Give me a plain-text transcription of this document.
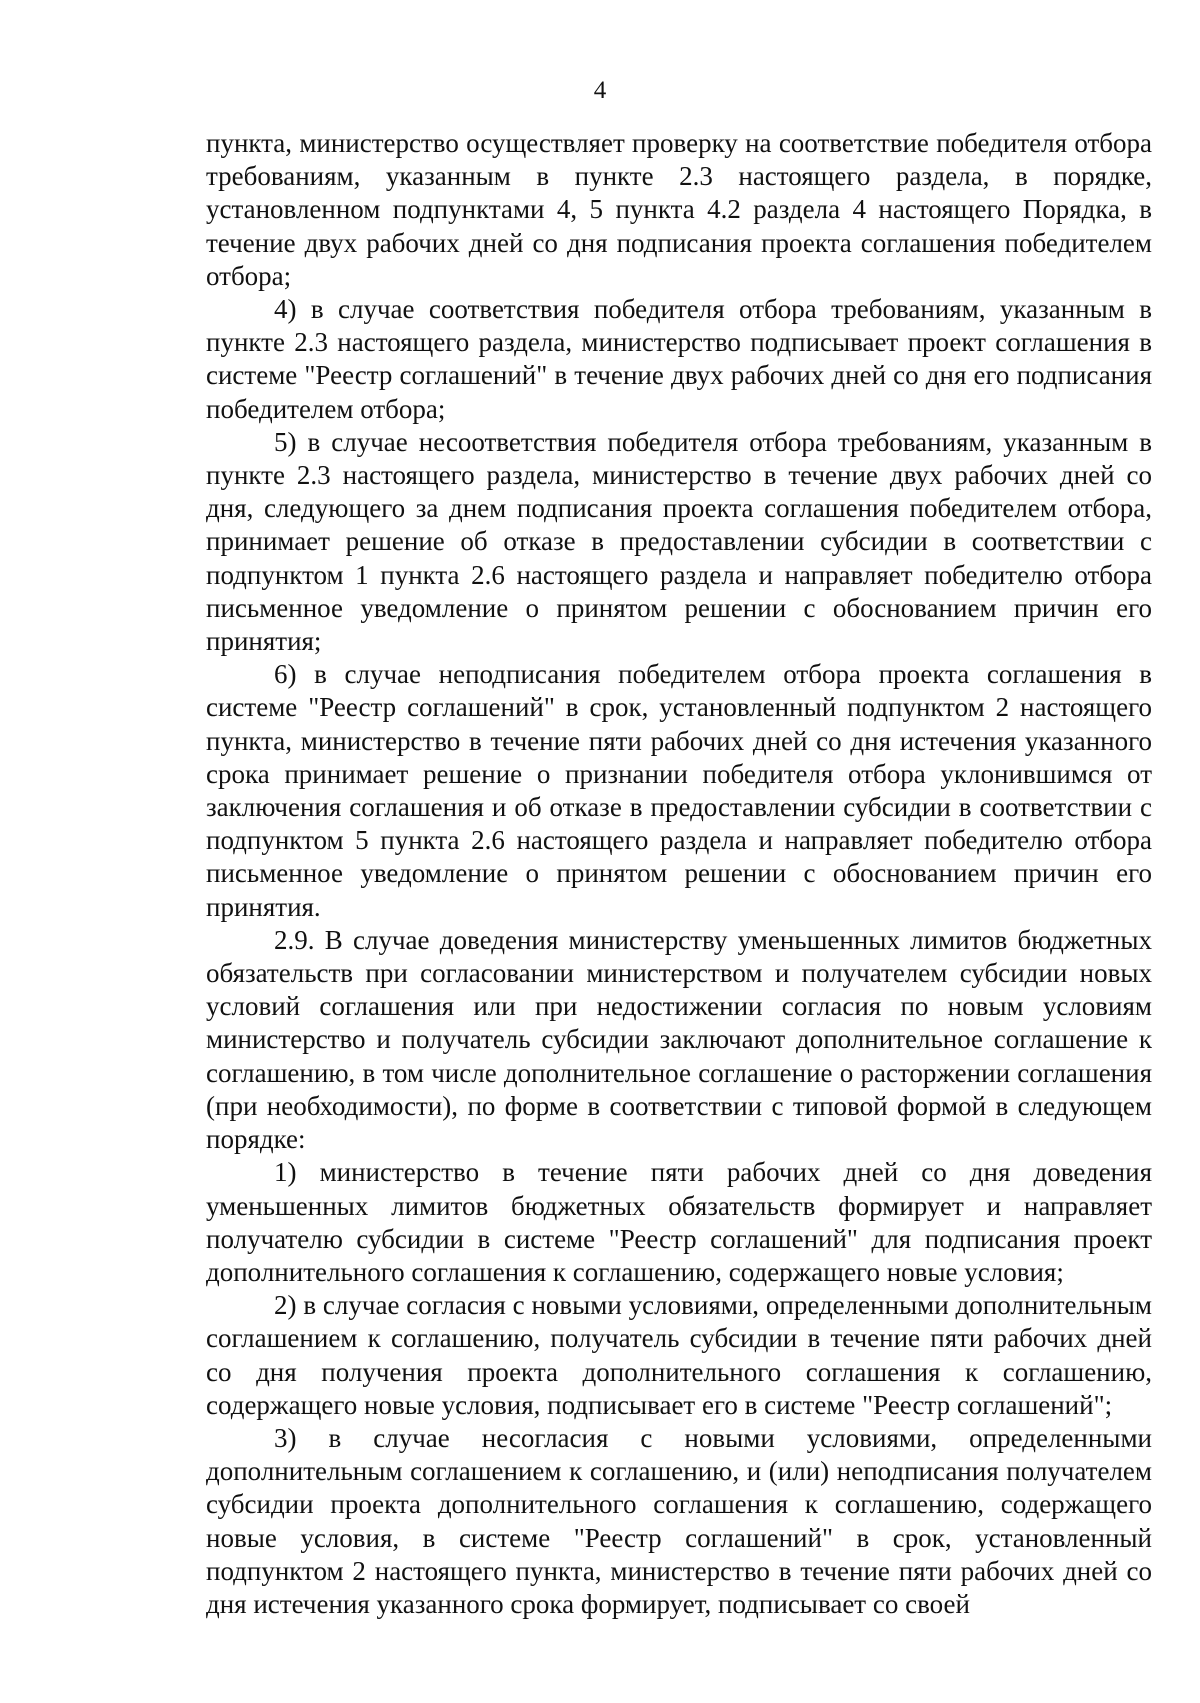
4

пункта, министерство осуществляет проверку на соответствие победителя отбора требованиям, указанным в пункте 2.3 настоящего раздела, в порядке, установленном подпунктами 4, 5 пункта 4.2 раздела 4 настоящего Порядка, в течение двух рабочих дней со дня подписания проекта соглашения победителем отбора;

4) в случае соответствия победителя отбора требованиям, указанным в пункте 2.3 настоящего раздела, министерство подписывает проект соглашения в системе "Реестр соглашений" в течение двух рабочих дней со дня его подписания победителем отбора;

5) в случае несоответствия победителя отбора требованиям, указанным в пункте 2.3 настоящего раздела, министерство в течение двух рабочих дней со дня, следующего за днем подписания проекта соглашения победителем отбора, принимает решение об отказе в предоставлении субсидии в соответствии с подпунктом 1 пункта 2.6 настоящего раздела и направляет победителю отбора письменное уведомление о принятом решении с обоснованием причин его принятия;

6) в случае неподписания победителем отбора проекта соглашения в системе "Реестр соглашений" в срок, установленный подпунктом 2 настоящего пункта, министерство в течение пяти рабочих дней со дня истечения указанного срока принимает решение о признании победителя отбора уклонившимся от заключения соглашения и об отказе в предоставлении субсидии в соответствии с подпунктом 5 пункта 2.6 настоящего раздела и направляет победителю отбора письменное уведомление о принятом решении с обоснованием причин его принятия.

2.9. В случае доведения министерству уменьшенных лимитов бюджетных обязательств при согласовании министерством и получателем субсидии новых условий соглашения или при недостижении согласия по новым условиям министерство и получатель субсидии заключают дополнительное соглашение к соглашению, в том числе дополнительное соглашение о расторжении соглашения (при необходимости), по форме в соответствии с типовой формой в следующем порядке:

1) министерство в течение пяти рабочих дней со дня доведения уменьшенных лимитов бюджетных обязательств формирует и направляет получателю субсидии в системе "Реестр соглашений" для подписания проект дополнительного соглашения к соглашению, содержащего новые условия;

2) в случае согласия с новыми условиями, определенными дополнительным соглашением к соглашению, получатель субсидии в течение пяти рабочих дней со дня получения проекта дополнительного соглашения к соглашению, содержащего новые условия, подписывает его в системе "Реестр соглашений";

3) в случае несогласия с новыми условиями, определенными дополнительным соглашением к соглашению, и (или) неподписания получателем субсидии проекта дополнительного соглашения к соглашению, содержащего новые условия, в системе "Реестр соглашений" в срок, установленный подпунктом 2 настоящего пункта, министерство в течение пяти рабочих дней со дня истечения указанного срока формирует, подписывает со своей
